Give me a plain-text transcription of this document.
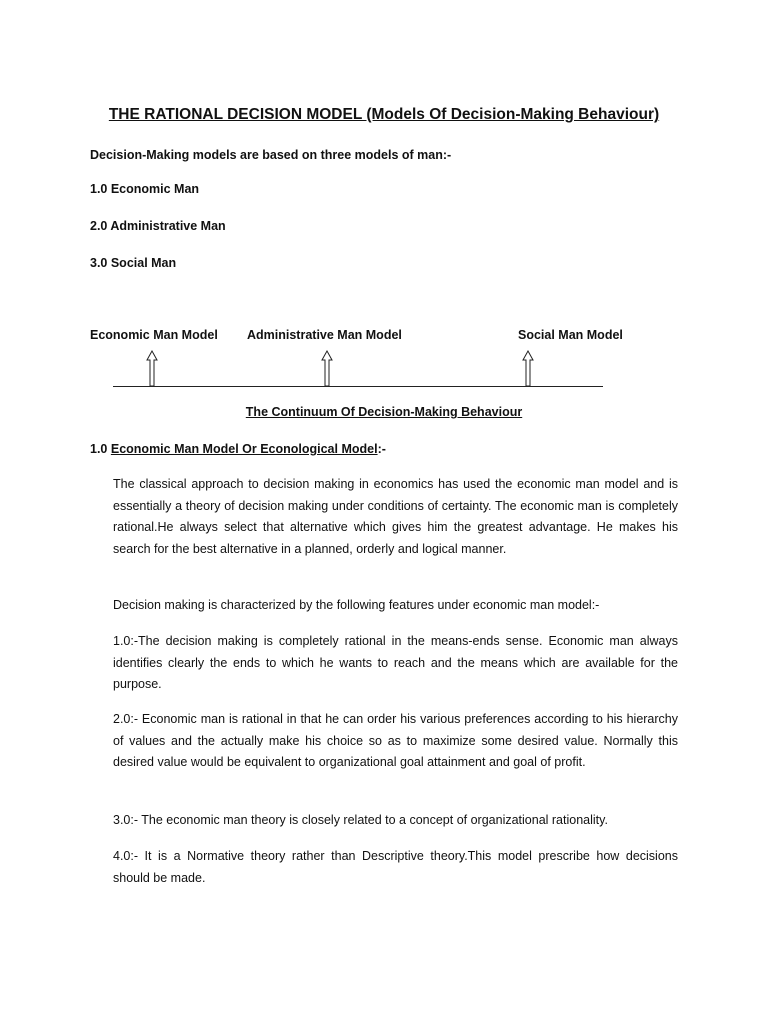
THE RATIONAL DECISION MODEL (Models Of Decision-Making Behaviour)
Decision-Making models are based on three models of man:-
1.0 Economic Man
2.0 Administrative Man
3.0 Social Man
Economic Man Model Administrative Man Model	Social Man Model
The Continuum Of Decision-Making Behaviour
1.0 Economic Man Model Or Econological Model:-
The classical approach to decision making in economics has used the economic man model and is essentially a theory of decision making under conditions of certainty. The economic man is completely rational.He always select that alternative which gives him the greatest advantage. He makes his search for the best alternative in a planned, orderly and logical manner.
Decision making is characterized by the following features under economic man model:-
1.0:-The decision making is completely rational in the means-ends sense. Economic man always identifies clearly the ends to which he wants to reach and the means which are available for the purpose.
2.0:- Economic man is rational in that he can order his various preferences according to his hierarchy of values and the actually make his choice so as to maximize some desired value. Normally this desired value would be equivalent to organizational goal attainment and goal of profit.
3.0:- The economic man theory is closely related to a concept of organizational rationality.
4.0:- It is a Normative theory rather than Descriptive theory.This model prescribe how decisions should be made.
